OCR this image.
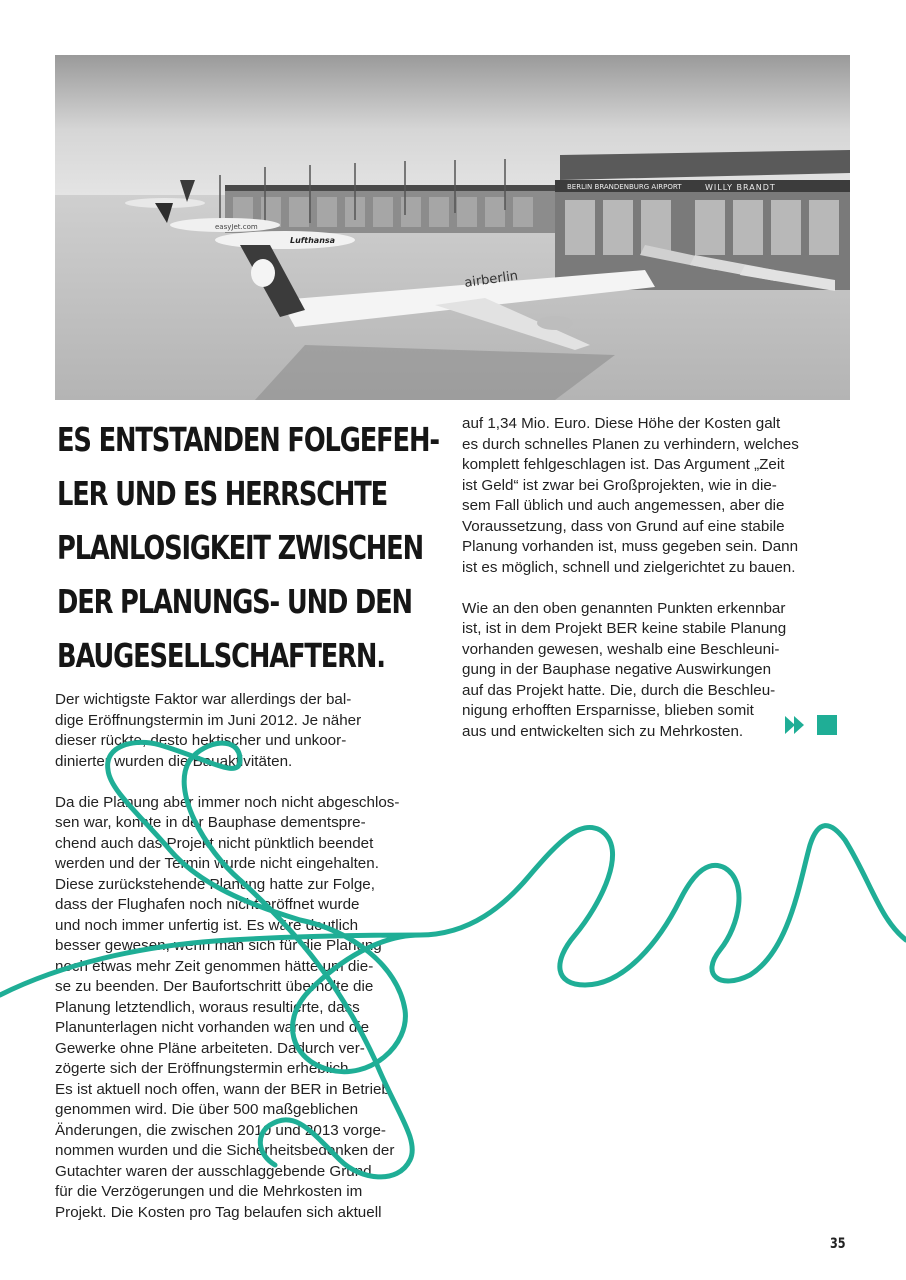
BERLIN BRANDENBURG AIRPORT	WILLY BRANDT
Lufthansa
easyJet.com
airberlin
ES ENTSTANDEN FOLGEFEH-
LER UND ES HERRSCHTE
PLANLOSIGKEIT ZWISCHEN
DER PLANUNGS- UND DEN
BAUGESELLSCHAFTERN.

Der wichtigste Faktor war allerdings der bal-
dige Eröffnungstermin im Juni 2012. Je näher
dieser rückte, desto hektischer und unkoor-
dinierter wurden die Bauaktivitäten.

Da die Planung aber immer noch nicht abgeschlos-
sen war, konnte in der Bauphase dementspre-
chend auch das Projekt nicht pünktlich beendet
werden und der Termin wurde nicht eingehalten.
Diese zurückstehende Planung hatte zur Folge,
dass der Flughafen noch nicht eröffnet wurde
und noch immer unfertig ist. Es wäre deutlich
besser gewesen, wenn man sich für die Planung
noch etwas mehr Zeit genommen hätte um die-
se zu beenden. Der Baufortschritt überholte die
Planung letztendlich, woraus resultierte, dass
Planunterlagen nicht vorhanden waren und die
Gewerke ohne Pläne arbeiteten. Dadurch ver-
zögerte sich der Eröffnungstermin erheblich.
Es ist aktuell noch offen, wann der BER in Betrieb
genommen wird. Die über 500 maßgeblichen
Änderungen, die zwischen 2010 und 2013 vorge-
nommen wurden und die Sicherheitsbedenken der
Gutachter waren der ausschlaggebende Grund
für die Verzögerungen und die Mehrkosten im
Projekt. Die Kosten pro Tag belaufen sich aktuell

auf 1,34 Mio. Euro. Diese Höhe der Kosten galt
es durch schnelles Planen zu verhindern, welches
komplett fehlgeschlagen ist. Das Argument „Zeit
ist Geld“ ist zwar bei Großprojekten, wie in die-
sem Fall üblich und auch angemessen, aber die
Voraussetzung, dass von Grund auf eine stabile
Planung vorhanden ist, muss gegeben sein. Dann
ist es möglich, schnell und zielgerichtet zu bauen.

Wie an den oben genannten Punkten erkennbar
ist, ist in dem Projekt BER keine stabile Planung
vorhanden gewesen, weshalb eine Beschleuni-
gung in der Bauphase negative Auswirkungen
auf das Projekt hatte. Die, durch die Beschleu-
nigung erhofften Ersparnisse, blieben somit
aus und entwickelten sich zu Mehrkosten.

35
